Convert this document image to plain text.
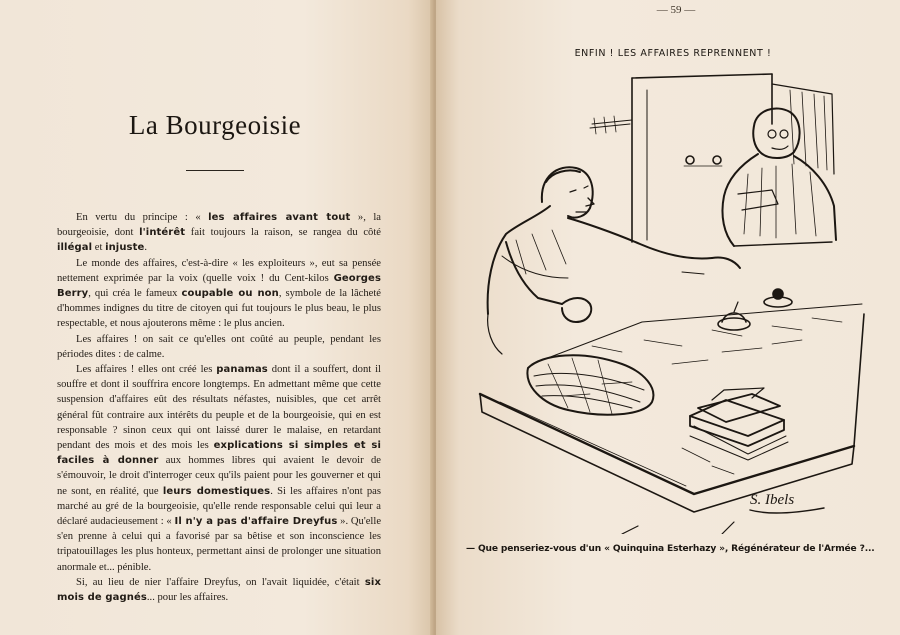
La Bourgeoisie

En vertu du principe : « les affaires avant tout », la bourgeoisie, dont l'intérêt fait toujours la raison, se rangea du côté illégal et injuste.

Le monde des affaires, c'est-à-dire « les exploiteurs », eut sa pensée nettement exprimée par la voix (quelle voix ! du Cent-kilos Georges Berry, qui créa le fameux coupable ou non, symbole de la lâcheté d'hommes indignes du titre de citoyen qui fut toujours le plus beau, le plus respectable, et nous ajouterons même : le plus ancien.

Les affaires ! on sait ce qu'elles ont coûté au peuple, pendant les périodes dites : de calme.

Les affaires ! elles ont créé les panamas dont il a souffert, dont il souffre et dont il souffrira encore longtemps. En admettant même que cette suspension d'affaires eût des résultats néfastes, nuisibles, que cet arrêt général fût contraire aux intérêts du peuple et de la bourgeoisie, qui en est responsable ? sinon ceux qui ont laissé durer le malaise, en retardant pendant des mois et des mois les explications si simples et si faciles à donner aux hommes libres qui avaient le devoir de s'émouvoir, le droit d'interroger ceux qu'ils paient pour les gouverner et qui ne sont, en réalité, que leurs domestiques. Si les affaires n'ont pas marché au gré de la bourgeoisie, qu'elle rende responsable celui qui leur a déclaré audacieusement : « Il n'y a pas d'affaire Dreyfus ». Qu'elle s'en prenne à celui qui a favorisé par sa bêtise et son inconscience les tripatouillages les plus honteux, permettant ainsi de prolonger une situation anormale et... pénible.

Si, au lieu de nier l'affaire Dreyfus, on l'avait liquidée, c'était six mois de gagnés... pour les affaires.

— 59 —
ENFIN ! LES AFFAIRES REPRENNENT !
S. Ibels
— Que penseriez-vous d'un « Quinquina Esterhazy », Régénérateur de l'Armée ?...
